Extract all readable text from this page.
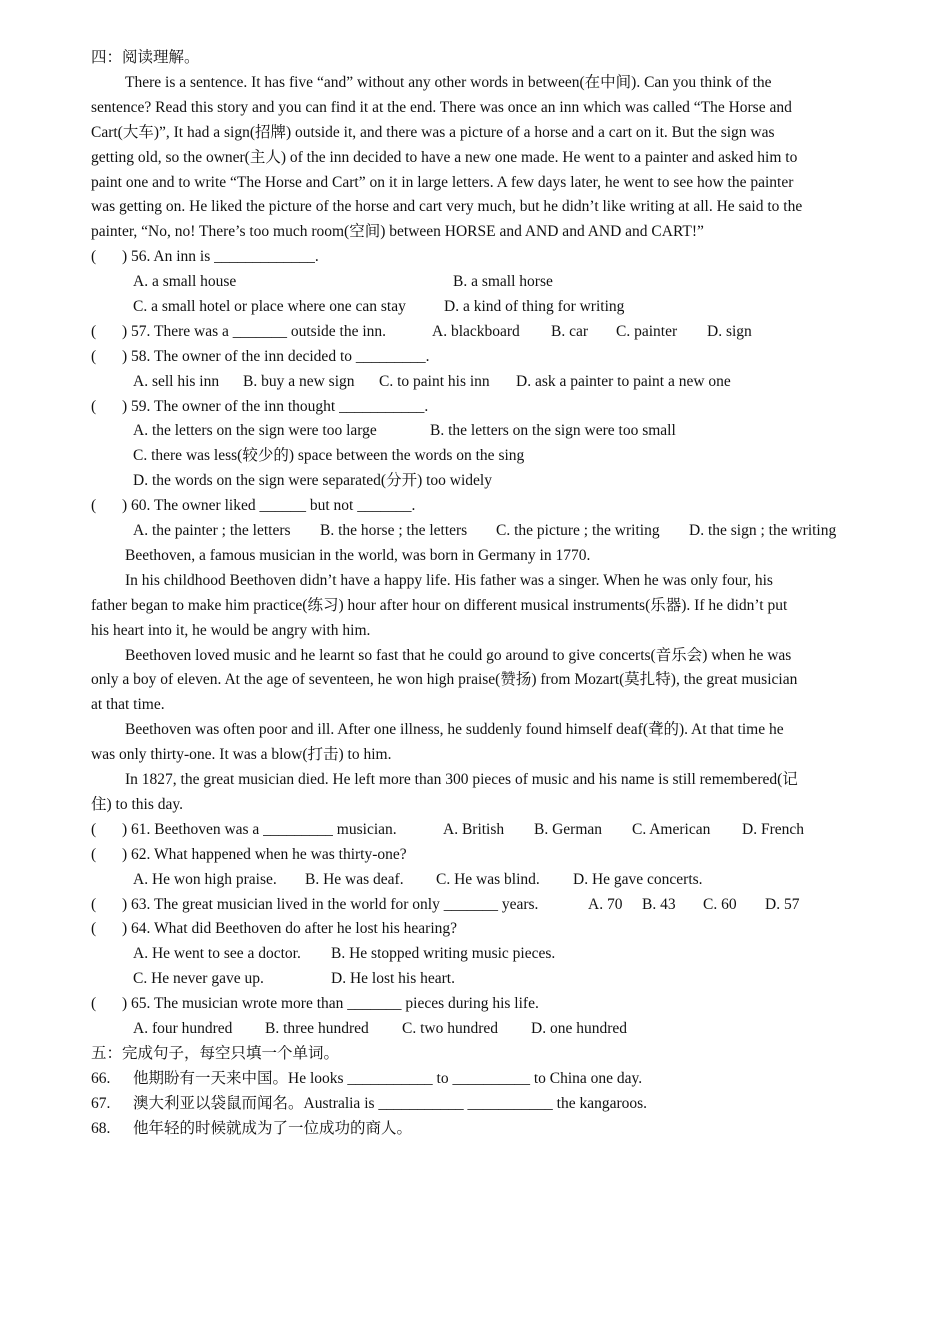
四：阅读理解。
There is a sentence. It has five “and” without any other words in between(在中间). Can you think of the
sentence? Read this story and you can find it at the end. There was once an inn which was called “The Horse and
Cart(大车)”, It had a sign(招牌) outside it, and there was a picture of a horse and a cart on it. But the sign was
getting old, so the owner(主人) of the inn decided to have a new one made. He went to a painter and asked him to
paint one and to write “The Horse and Cart” on it in large letters. A few days later, he went to see how the painter
was getting on. He liked the picture of the horse and cart very much, but he didn’t like writing at all. He said to the
painter, “No, no! There’s too much room(空间) between HORSE and AND and AND and CART!”
( ) 56. An inn is _____________.
A. a small house	B. a small horse
C. a small hotel or place where one can stay D. a kind of thing for writing
( ) 57. There was a _______ outside the inn.	A. blackboard B. car C. painter D. sign
( ) 58. The owner of the inn decided to _________.
A. sell his inn B. buy a new sign C. to paint his inn D. ask a painter to paint a new one
( ) 59. The owner of the inn thought ___________.
A. the letters on the sign were too large	B. the letters on the sign were too small
C. there was less(较少的) space between the words on the sing
D. the words on the sign were separated(分开) too widely
( ) 60. The owner liked ______ but not _______.
A. the painter ; the letters B. the horse ; the letters C. the picture ; the writing D. the sign ; the writing
Beethoven, a famous musician in the world, was born in Germany in 1770.
In his childhood Beethoven didn’t have a happy life. His father was a singer. When he was only four, his
father began to make him practice(练习) hour after hour on different musical instruments(乐器). If he didn’t put
his heart into it, he would be angry with him.
Beethoven loved music and he learnt so fast that he could go around to give concerts(音乐会) when he was
only a boy of eleven. At the age of seventeen, he won high praise(赞扬) from Mozart(莫扎特), the great musician
at that time.
Beethoven was often poor and ill. After one illness, he suddenly found himself deaf(聋的). At that time he
was only thirty-one. It was a blow(打击) to him.
In 1827, the great musician died. He left more than 300 pieces of music and his name is still remembered(记
住) to this day.
( ) 61. Beethoven was a _________ musician.	A. British B. German C. American D. French
( ) 62. What happened when he was thirty-one?
A. He won high praise. B. He was deaf. C. He was blind. D. He gave concerts.
( ) 63. The great musician lived in the world for only _______ years.	A. 70 B. 43 C. 60 D. 57
( ) 64. What did Beethoven do after he lost his hearing?
A. He went to see a doctor. B. He stopped writing music pieces.
C. He never gave up.	D. He lost his heart.
( ) 65. The musician wrote more than _______ pieces during his life.
A. four hundred B. three hundred C. two hundred D. one hundred
五：完成句子，每空只填一个单词。
66. 他期盼有一天来中国。He looks ___________ to __________ to China one day.
67. 澳大利亚以袋鼠而闻名。Australia is ___________ ___________ the kangaroos.
68. 他年轻的时候就成为了一位成功的商人。
